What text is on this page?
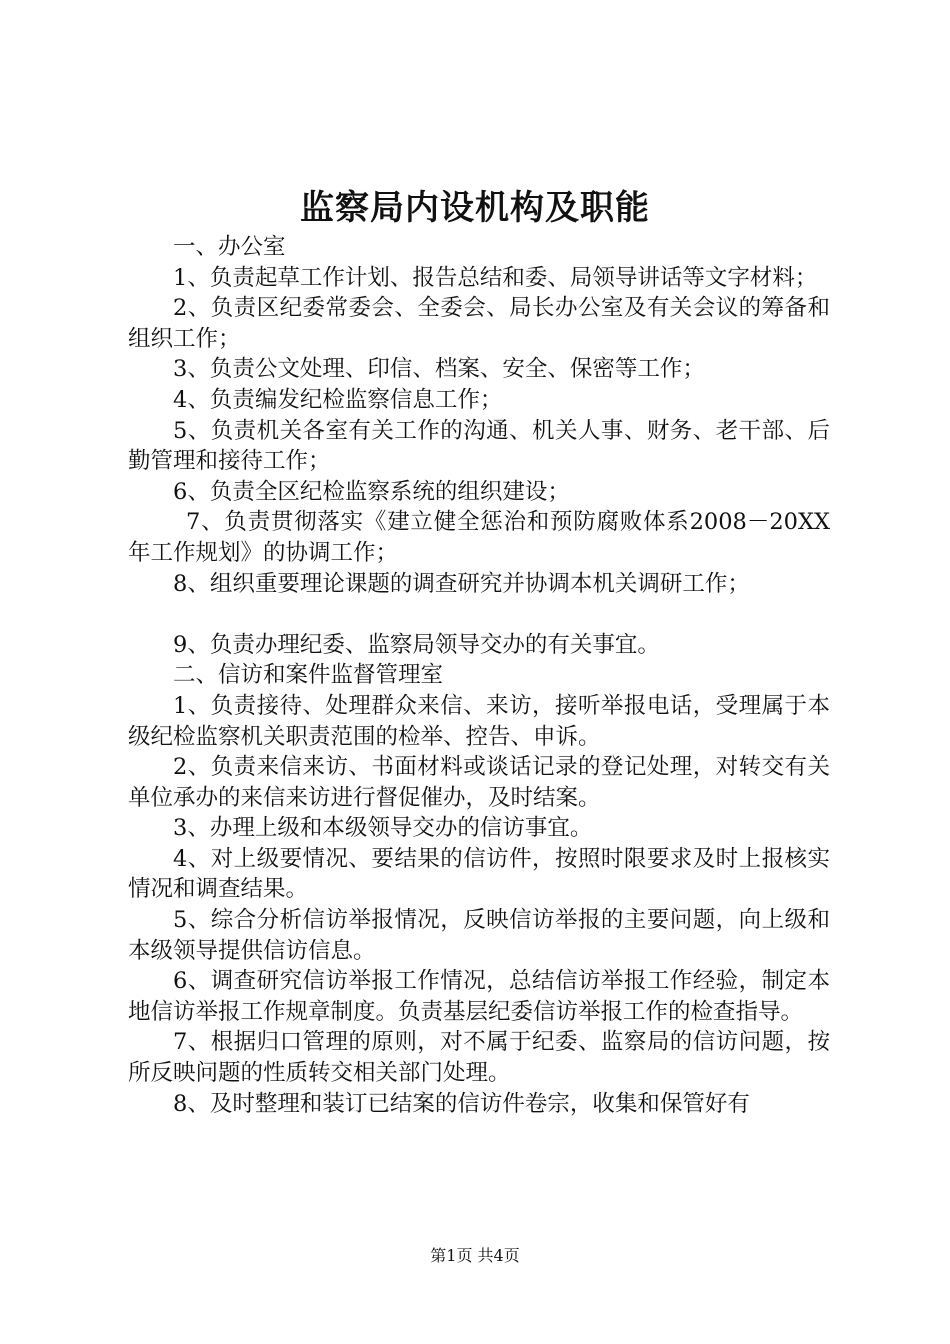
监察局内设机构及职能

一、办公室

1、负责起草工作计划、报告总结和委、局领导讲话等文字材料；

2、负责区纪委常委会、全委会、局长办公室及有关会议的筹备和组织工作；

3、负责公文处理、印信、档案、安全、保密等工作；

4、负责编发纪检监察信息工作；

5、负责机关各室有关工作的沟通、机关人事、财务、老干部、后勤管理和接待工作；

6、负责全区纪检监察系统的组织建设；

7、负责贯彻落实《建立健全惩治和预防腐败体系2008－20XX年工作规划》的协调工作；

8、组织重要理论课题的调查研究并协调本机关调研工作；

9、负责办理纪委、监察局领导交办的有关事宜。

二、信访和案件监督管理室

1、负责接待、处理群众来信、来访，接听举报电话，受理属于本级纪检监察机关职责范围的检举、控告、申诉。

2、负责来信来访、书面材料或谈话记录的登记处理，对转交有关单位承办的来信来访进行督促催办，及时结案。

3、办理上级和本级领导交办的信访事宜。

4、对上级要情况、要结果的信访件，按照时限要求及时上报核实情况和调查结果。

5、综合分析信访举报情况，反映信访举报的主要问题，向上级和本级领导提供信访信息。

6、调查研究信访举报工作情况，总结信访举报工作经验，制定本地信访举报工作规章制度。负责基层纪委信访举报工作的检查指导。

7、根据归口管理的原则，对不属于纪委、监察局的信访问题，按所反映问题的性质转交相关部门处理。

8、及时整理和装订已结案的信访件卷宗，收集和保管好有

第1页 共4页
